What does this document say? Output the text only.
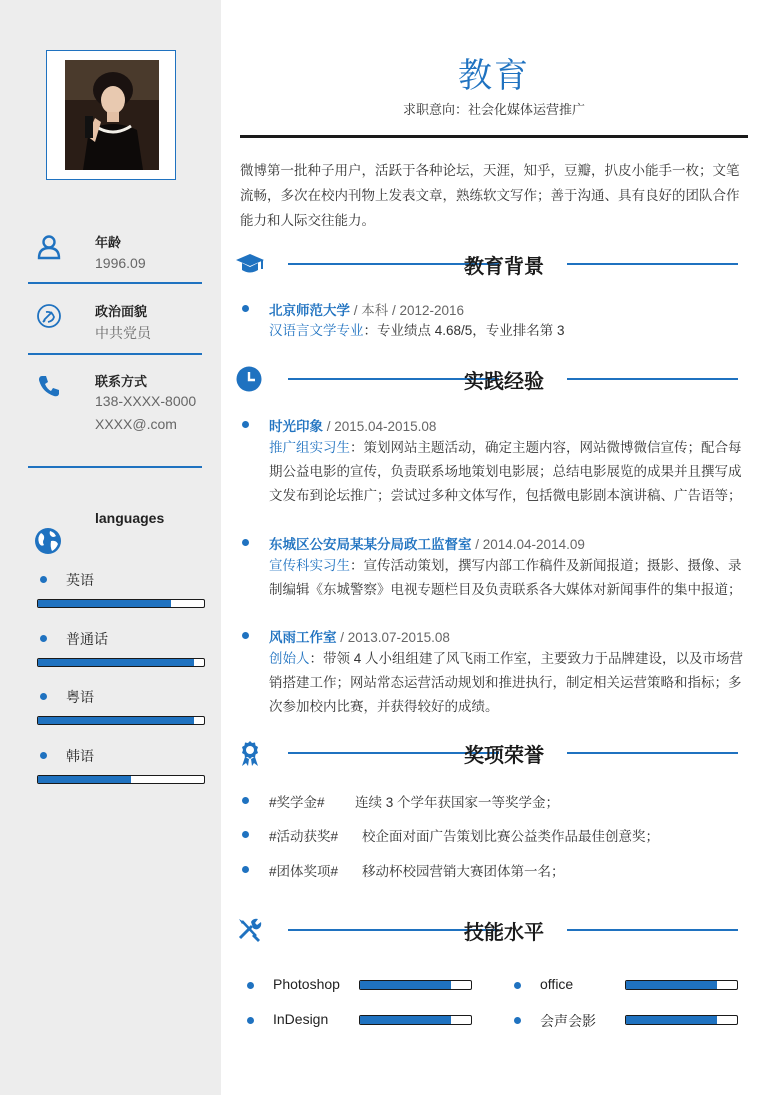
年龄
1996.09
政治面貌
中共党员
联系方式
138-XXXX-8000
XXXX@.com
languages
英语
普通话
粤语
韩语
教育
求职意向：社会化媒体运营推广
微博第一批种子用户，活跃于各种论坛，天涯，知乎，豆瓣，扒皮小能手一枚；文笔流畅，多次在校内刊物上发表文章，熟练软文写作；善于沟通、具有良好的团队合作能力和人际交往能力。
教育背景
北京师范大学 / 本科 / 2012-2016
汉语言文学专业：专业绩点 4.68/5，专业排名第 3
实践经验
时光印象 / 2015.04-2015.08
推广组实习生：策划网站主题活动，确定主题内容，网站微博微信宣传；配合每期公益电影的宣传，负责联系场地策划电影展；总结电影展览的成果并且撰写成文发布到论坛推广；尝试过多种文体写作，包括微电影剧本演讲稿、广告语等；
东城区公安局某某分局政工监督室 / 2014.04-2014.09
宣传科实习生：宣传活动策划，撰写内部工作稿件及新闻报道；摄影、摄像、录制编辑《东城警察》电视专题栏目及负责联系各大媒体对新闻事件的集中报道；
风雨工作室 / 2013.07-2015.08
创始人：带领 4 人小组组建了风飞雨工作室，主要致力于品牌建设，以及市场营销搭建工作；网站常态运营活动规划和推进执行，制定相关运营策略和指标；多次参加校内比赛，并获得较好的成绩。
奖项荣誉
#奖学金# 连续 3 个学年获国家一等奖学金；
#活动获奖# 校企面对面广告策划比赛公益类作品最佳创意奖；
#团体奖项# 移动杯校园营销大赛团体第一名；
技能水平
Photoshop	office
InDesign	会声会影
